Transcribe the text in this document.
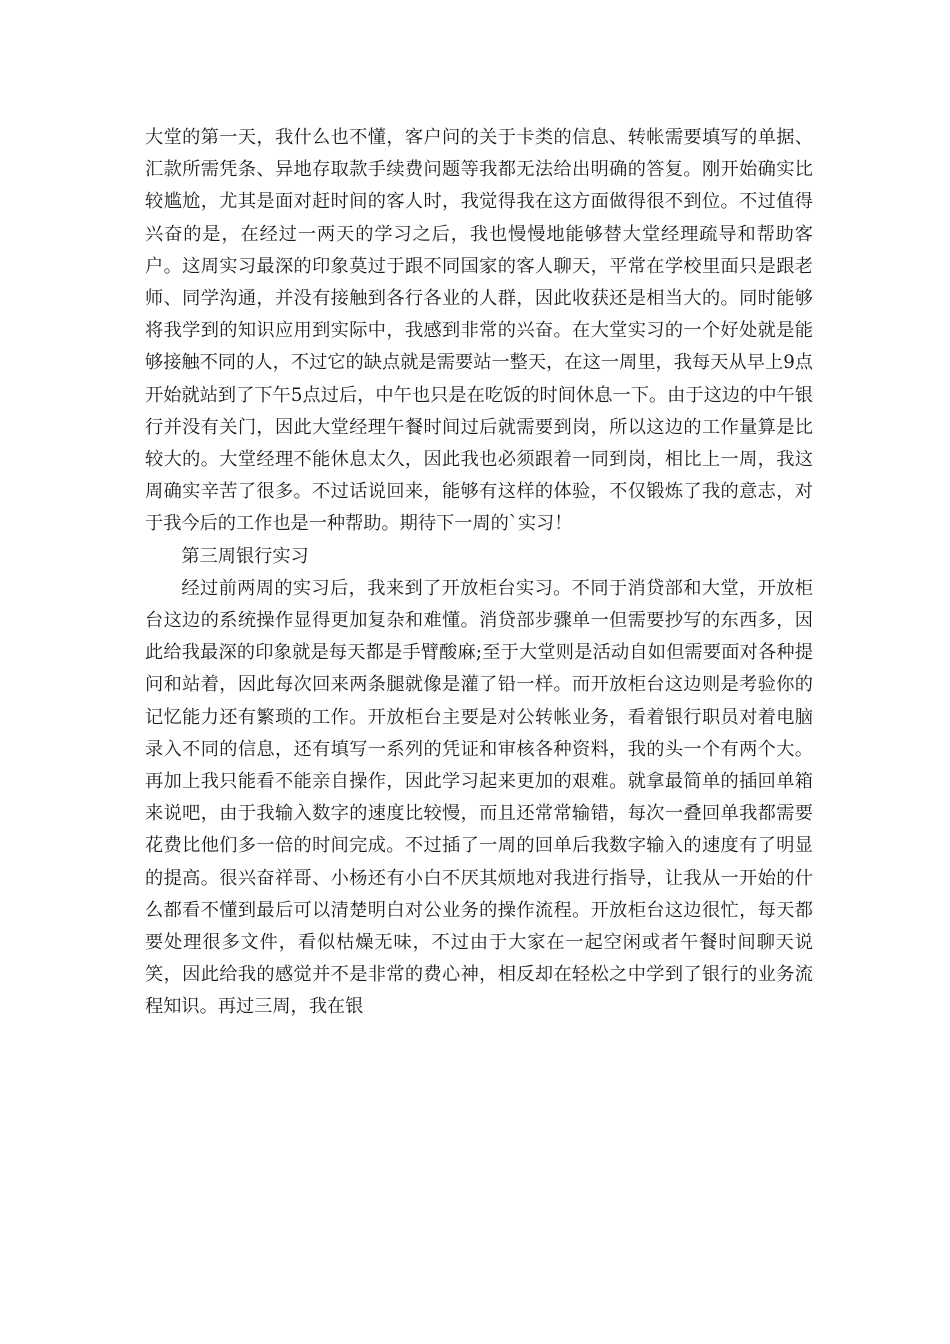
大堂的第一天，我什么也不懂，客户问的关于卡类的信息、转帐需要填写的单据、汇款所需凭条、异地存取款手续费问题等我都无法给出明确的答复。刚开始确实比较尴尬，尤其是面对赶时间的客人时，我觉得我在这方面做得很不到位。不过值得兴奋的是，在经过一两天的学习之后，我也慢慢地能够替大堂经理疏导和帮助客户。这周实习最深的印象莫过于跟不同国家的客人聊天，平常在学校里面只是跟老师、同学沟通，并没有接触到各行各业的人群，因此收获还是相当大的。同时能够将我学到的知识应用到实际中，我感到非常的兴奋。在大堂实习的一个好处就是能够接触不同的人，不过它的缺点就是需要站一整天，在这一周里，我每天从早上9点开始就站到了下午5点过后，中午也只是在吃饭的时间休息一下。由于这边的中午银行并没有关门，因此大堂经理午餐时间过后就需要到岗，所以这边的工作量算是比较大的。大堂经理不能休息太久，因此我也必须跟着一同到岗，相比上一周，我这周确实辛苦了很多。不过话说回来，能够有这样的体验，不仅锻炼了我的意志，对于我今后的工作也是一种帮助。期待下一周的`实习！

第三周银行实习

经过前两周的实习后，我来到了开放柜台实习。不同于消贷部和大堂，开放柜台这边的系统操作显得更加复杂和难懂。消贷部步骤单一但需要抄写的东西多，因此给我最深的印象就是每天都是手臂酸麻;至于大堂则是活动自如但需要面对各种提问和站着，因此每次回来两条腿就像是灌了铅一样。而开放柜台这边则是考验你的记忆能力还有繁琐的工作。开放柜台主要是对公转帐业务，看着银行职员对着电脑录入不同的信息，还有填写一系列的凭证和审核各种资料，我的头一个有两个大。再加上我只能看不能亲自操作，因此学习起来更加的艰难。就拿最简单的插回单箱来说吧，由于我输入数字的速度比较慢，而且还常常输错，每次一叠回单我都需要花费比他们多一倍的时间完成。不过插了一周的回单后我数字输入的速度有了明显的提高。很兴奋祥哥、小杨还有小白不厌其烦地对我进行指导，让我从一开始的什么都看不懂到最后可以清楚明白对公业务的操作流程。开放柜台这边很忙，每天都要处理很多文件，看似枯燥无味，不过由于大家在一起空闲或者午餐时间聊天说笑，因此给我的感觉并不是非常的费心神，相反却在轻松之中学到了银行的业务流程知识。再过三周，我在银
